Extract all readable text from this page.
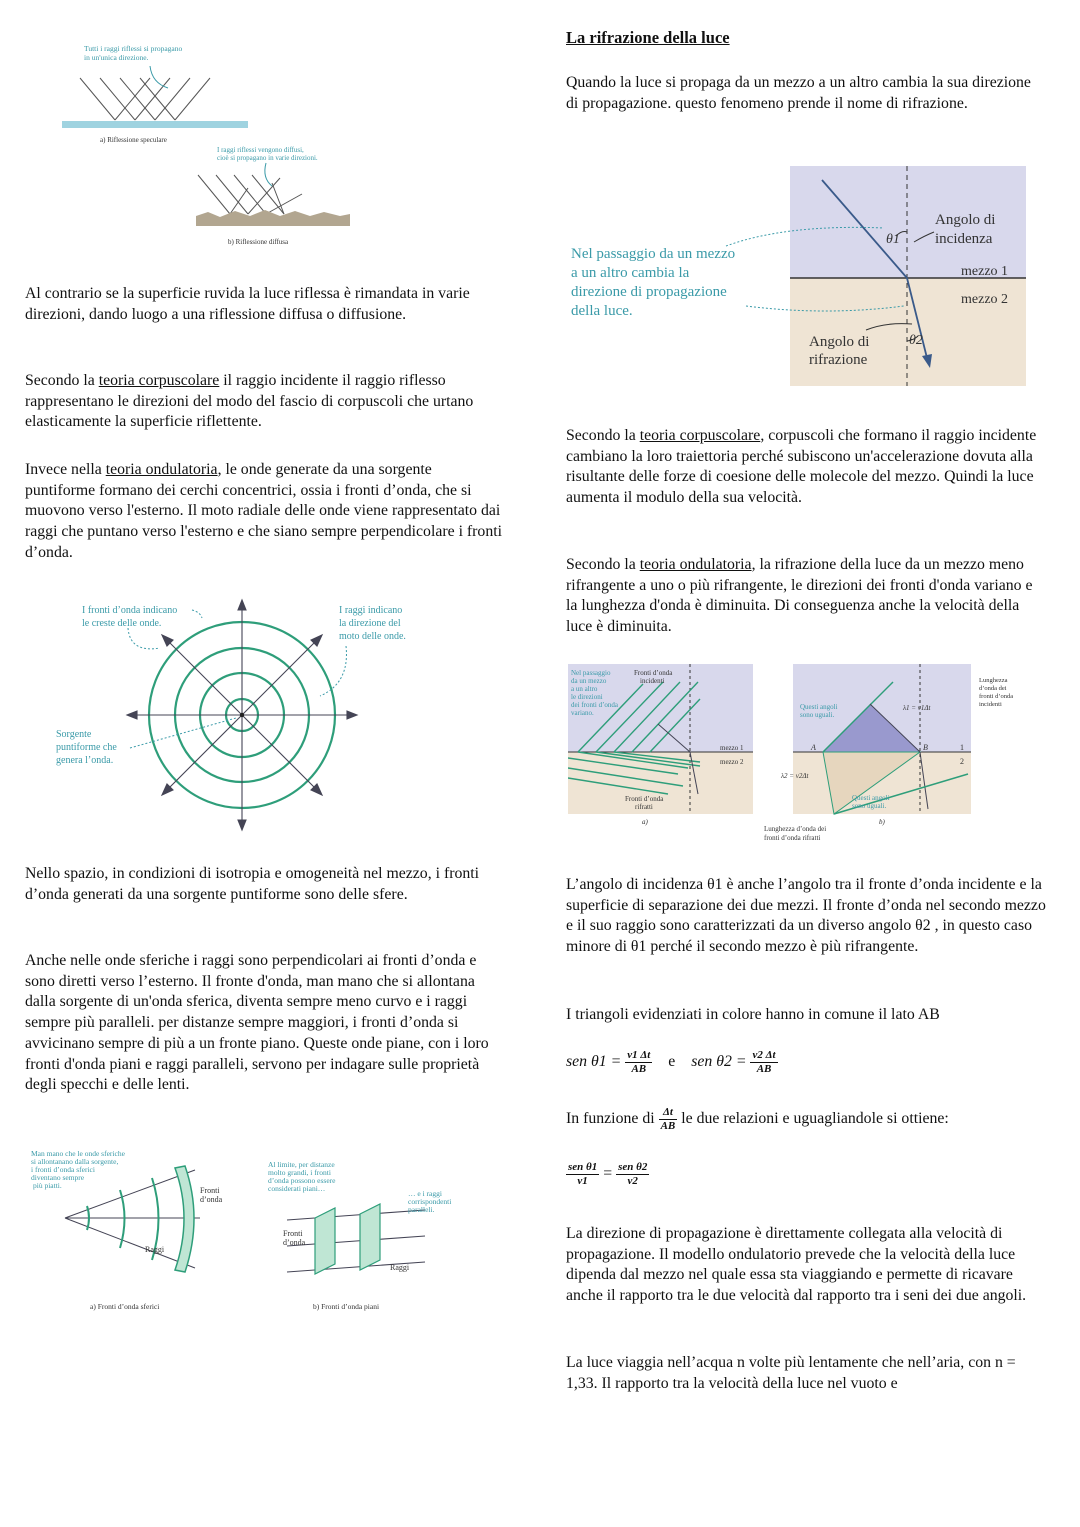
Tutti i raggi riflessi si propagano
in un'unica direzione.
a) Riflessione speculare
I raggi riflessi vengono diffusi,
cioè si propagano in varie direzioni.
b) Riflessione diffusa

Al contrario se la superficie ruvida la luce riflessa è rimandata in varie direzioni, dando luogo a una riflessione diffusa o diffusione.

Secondo la teoria corpuscolare il raggio incidente il raggio riflesso rappresentano le direzioni del modo del fascio di corpuscoli che urtano elasticamente la superficie riflettente.

Invece nella teoria ondulatoria, le onde generate da una sorgente puntiforme formano dei cerchi concentrici, ossia i fronti d’onda, che si muovono verso l'esterno. Il moto radiale delle onde viene rappresentato dai raggi che puntano verso l'esterno e che siano sempre perpendicolare i fronti d’onda.

I fronti d’onda indicano
le creste delle onde.
I raggi indicano
la direzione del
moto delle onde.
Sorgente
puntiforme che
genera l’onda.

Nello spazio, in condizioni di isotropia e omogeneità nel mezzo, i fronti d’onda generati da una sorgente puntiforme sono delle sfere.

Anche nelle onde sferiche i raggi sono perpendicolari ai fronti d’onda e sono diretti verso l’esterno. Il fronte d'onda, man mano che si allontana dalla sorgente di un'onda sferica, diventa sempre meno curvo e i raggi sempre più paralleli. per distanze sempre maggiori, i fronti d’onda si avvicinano sempre di più a un fronte piano. Queste onde piane, con i loro fronti d'onda piani e raggi paralleli, servono per indagare sulle proprietà degli specchi e delle lenti.

Man mano che le onde sferiche
si allontanano dalla sorgente,
i fronti d’onda sferici
diventano sempre
più piatti.
Fronti
d’onda
Raggi
a) Fronti d’onda sferici
Al limite, per distanze
molto grandi, i fronti
d’onda possono essere
considerati piani…
… e i raggi
corrispondenti
paralleli.
Fronti
d’onda
Raggi
b) Fronti d’onda piani
La rifrazione della luce

Quando la luce si propaga da un mezzo a un altro cambia la sua direzione di propagazione. questo fenomeno prende il nome di rifrazione.

θ1
θ2
Angolo di
incidenza
mezzo 1
mezzo 2
Angolo di
rifrazione
Nel passaggio da un mezzo
a un altro cambia la
direzione di propagazione
della luce.

Secondo la teoria corpuscolare, corpuscoli che formano il raggio incidente cambiano la loro traiettoria perché subiscono un'accelerazione dovuta alla risultante delle forze di coesione delle molecole del mezzo. Quindi la luce aumenta il modulo della sua velocità.

Secondo la teoria ondulatoria, la rifrazione della luce da un mezzo meno rifrangente a uno o più rifrangente, le direzioni dei fronti d'onda variano e la lunghezza d'onda è diminuita. Di conseguenza anche la velocità della luce è diminuita.

Nel passaggio
da un mezzo
a un altro
le direzioni
dei fronti d’onda
variano.
Fronti d’onda
incidenti
mezzo 1
mezzo 2
Fronti d’onda
rifratti
a)
Questi angoli
sono uguali.
λ1 = v1Δt
λ2 = v2Δt
A	B	1
2
Questi angoli
sono uguali.
Lunghezza
d’onda dei
fronti d’onda
incidenti
Lunghezza d’onda dei
fronti d’onda rifratti
b)

L’angolo di incidenza θ1 è anche l’angolo tra il fronte d’onda incidente e la superficie di separazione dei due mezzi. Il fronte d’onda nel secondo mezzo e il suo raggio sono caratterizzati da un diverso angolo θ2 , in questo caso minore di θ1 perché il secondo mezzo è più rifrangente.

I triangoli evidenziati in colore hanno in comune il lato AB

sen $\theta 1 = \frac{v1 \Delta t}{AB}$ e sen $\theta 2 = \frac{v2 \Delta t}{AB}$
In funzione di $\frac{\Delta t}{AB}$ le due relazioni e uguagliandole si ottiene:
$\frac{\text{sen θ1}}{v1} = \frac{\text{sen θ2}}{v2}$

La direzione di propagazione è direttamente collegata alla velocità di propagazione. Il modello ondulatorio prevede che la velocità della luce dipenda dal mezzo nel quale essa sta viaggiando e permette di ricavare anche il rapporto tra le due velocità dal rapporto tra i seni dei due angoli.

La luce viaggia nell’acqua n volte più lentamente che nell’aria, con n = 1,33. Il rapporto tra la velocità della luce nel vuoto e
